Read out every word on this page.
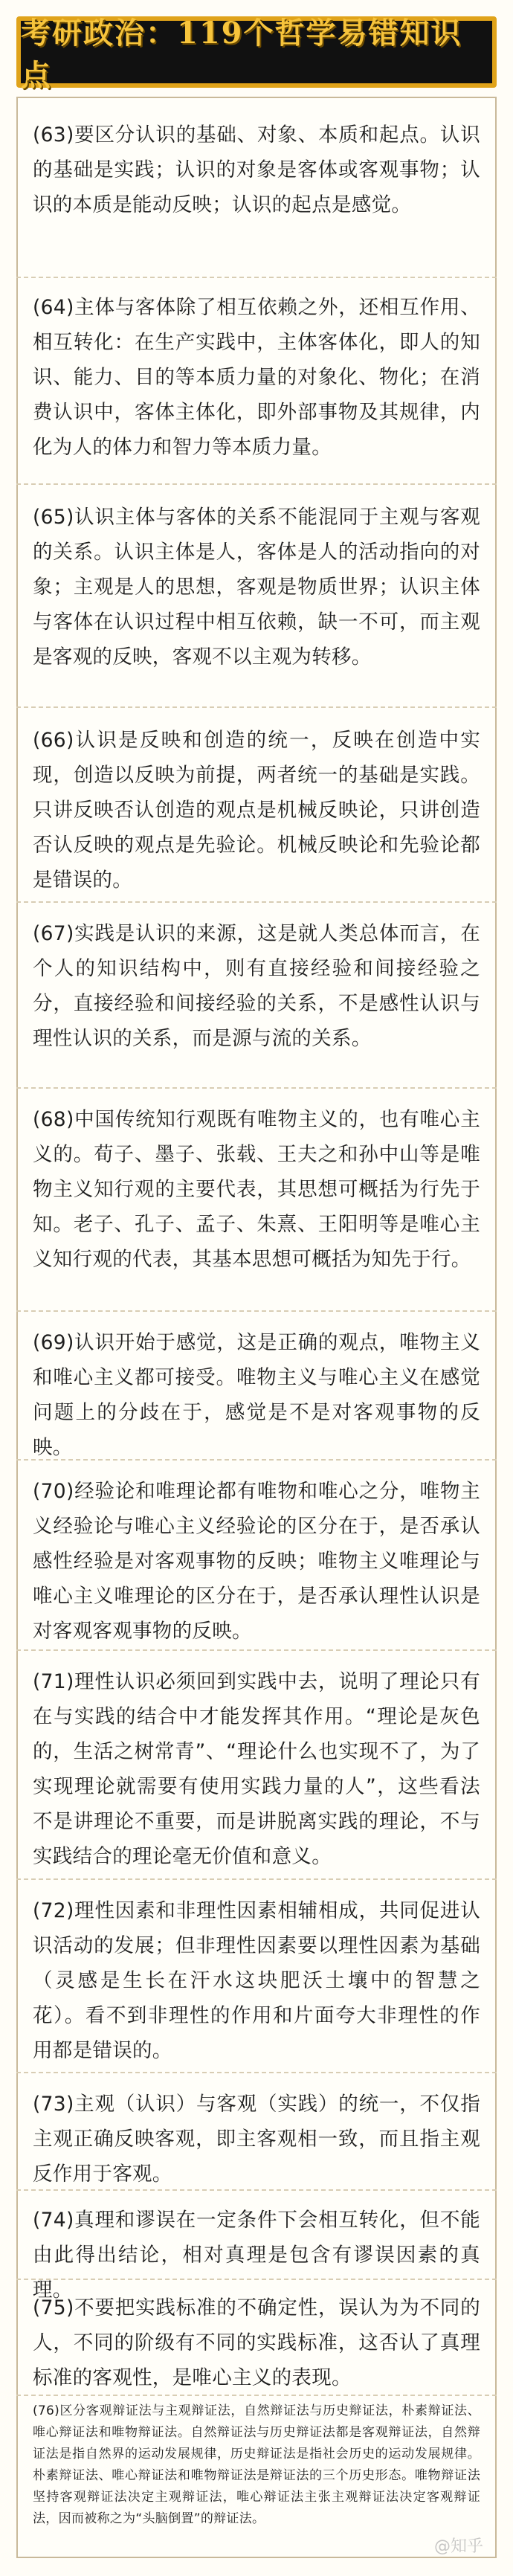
考研政治：119个哲学易错知识点
(63)要区分认识的基础、对象、本质和起点。认识的基础是实践；认识的对象是客体或客观事物；认识的本质是能动反映；认识的起点是感觉。
(64)主体与客体除了相互依赖之外，还相互作用、相互转化：在生产实践中，主体客体化，即人的知识、能力、目的等本质力量的对象化、物化；在消费认识中，客体主体化，即外部事物及其规律，内化为人的体力和智力等本质力量。
(65)认识主体与客体的关系不能混同于主观与客观的关系。认识主体是人，客体是人的活动指向的对象；主观是人的思想，客观是物质世界；认识主体与客体在认识过程中相互依赖，缺一不可，而主观是客观的反映，客观不以主观为转移。
(66)认识是反映和创造的统一，反映在创造中实现，创造以反映为前提，两者统一的基础是实践。只讲反映否认创造的观点是机械反映论，只讲创造否认反映的观点是先验论。机械反映论和先验论都是错误的。
(67)实践是认识的来源，这是就人类总体而言，在个人的知识结构中，则有直接经验和间接经验之分，直接经验和间接经验的关系，不是感性认识与理性认识的关系，而是源与流的关系。
(68)中国传统知行观既有唯物主义的，也有唯心主义的。荀子、墨子、张载、王夫之和孙中山等是唯物主义知行观的主要代表，其思想可概括为行先于知。老子、孔子、孟子、朱熹、王阳明等是唯心主义知行观的代表，其基本思想可概括为知先于行。
(69)认识开始于感觉，这是正确的观点，唯物主义和唯心主义都可接受。唯物主义与唯心主义在感觉问题上的分歧在于，感觉是不是对客观事物的反映。
(70)经验论和唯理论都有唯物和唯心之分，唯物主义经验论与唯心主义经验论的区分在于，是否承认感性经验是对客观事物的反映；唯物主义唯理论与唯心主义唯理论的区分在于，是否承认理性认识是对客观客观事物的反映。
(71)理性认识必须回到实践中去，说明了理论只有在与实践的结合中才能发挥其作用。“理论是灰色的，生活之树常青”、“理论什么也实现不了，为了实现理论就需要有使用实践力量的人”，这些看法不是讲理论不重要，而是讲脱离实践的理论，不与实践结合的理论毫无价值和意义。
(72)理性因素和非理性因素相辅相成，共同促进认识活动的发展；但非理性因素要以理性因素为基础（灵感是生长在汗水这块肥沃土壤中的智慧之花）。看不到非理性的作用和片面夸大非理性的作用都是错误的。
(73)主观（认识）与客观（实践）的统一，不仅指主观正确反映客观，即主客观相一致，而且指主观反作用于客观。
(74)真理和谬误在一定条件下会相互转化，但不能由此得出结论，相对真理是包含有谬误因素的真理。
(75)不要把实践标准的不确定性，误认为为不同的人，不同的阶级有不同的实践标准，这否认了真理标准的客观性，是唯心主义的表现。
(76)区分客观辩证法与主观辩证法，自然辩证法与历史辩证法，朴素辩证法、唯心辩证法和唯物辩证法。自然辩证法与历史辩证法都是客观辩证法，自然辩证法是指自然界的运动发展规律，历史辩证法是指社会历史的运动发展规律。朴素辩证法、唯心辩证法和唯物辩证法是辩证法的三个历史形态。唯物辩证法坚持客观辩证法决定主观辩证法，唯心辩证法主张主观辩证法决定客观辩证法，因而被称之为“头脑倒置”的辩证法。
@知乎
